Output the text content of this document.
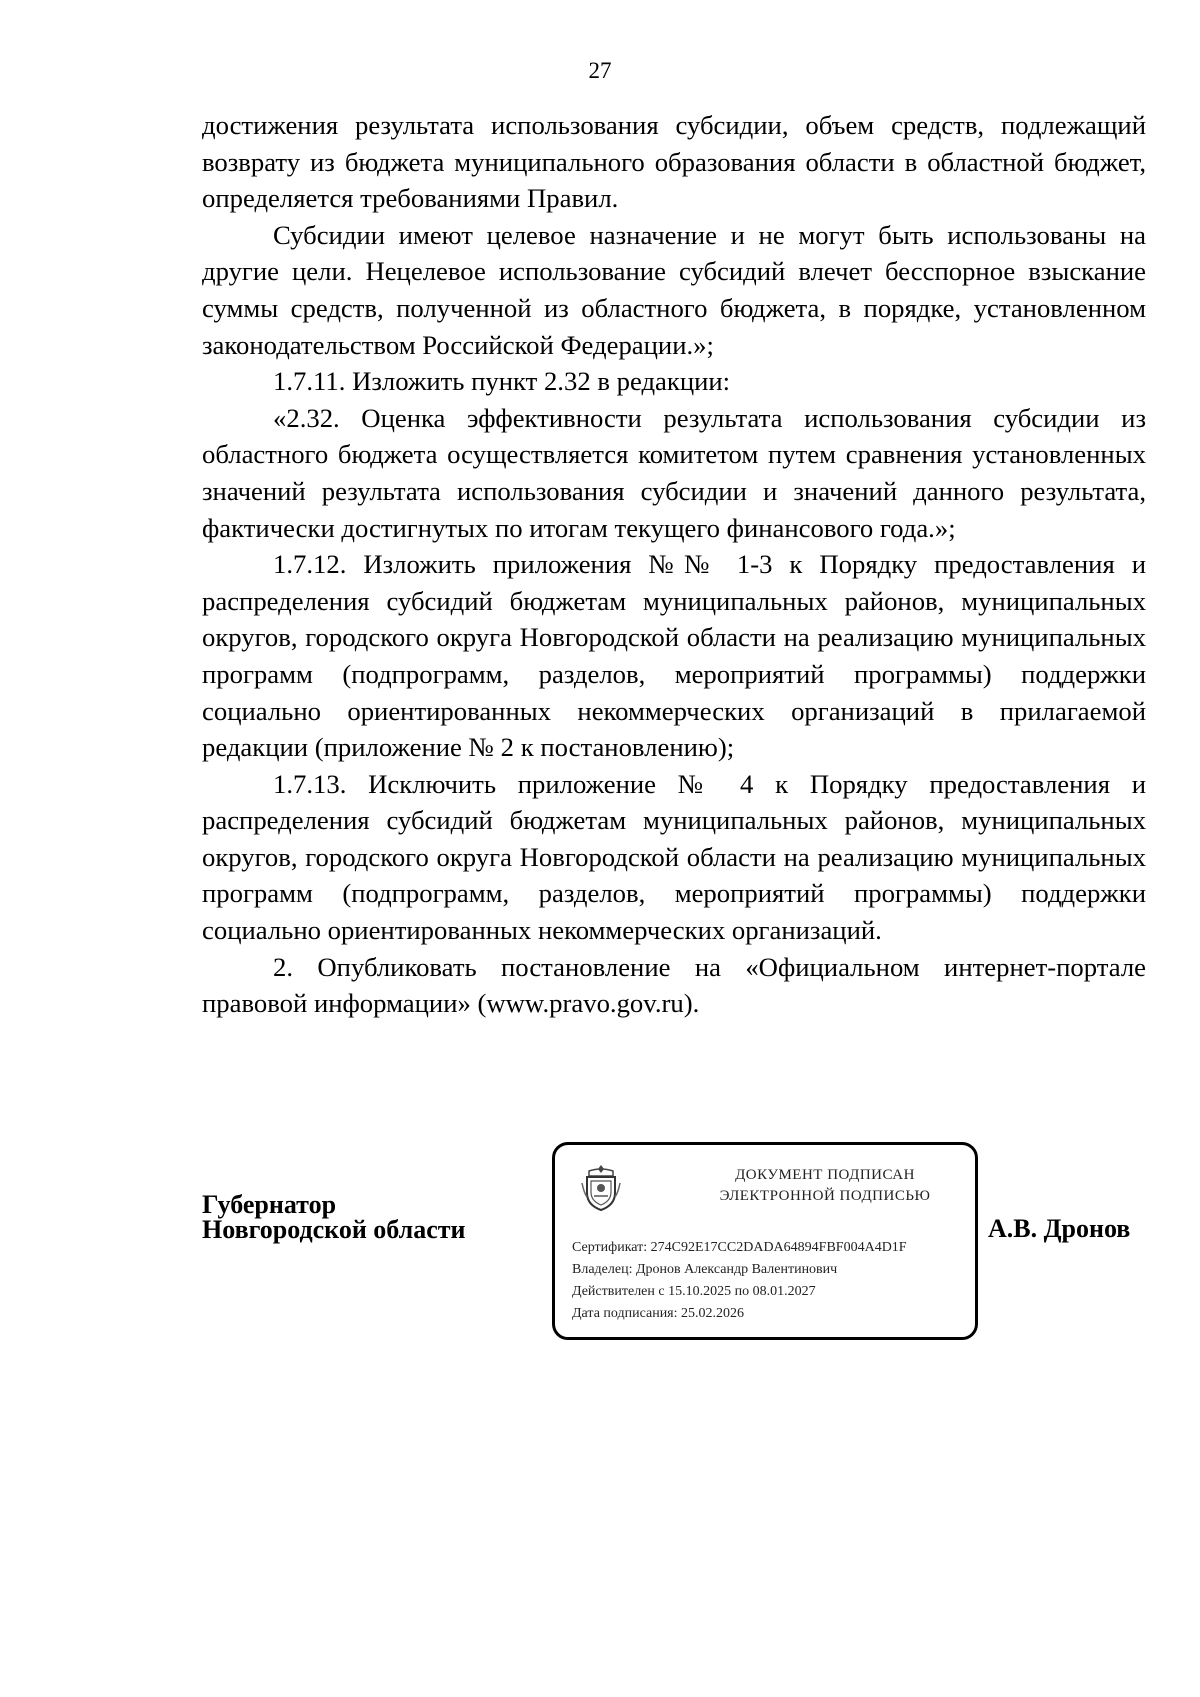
27

достижения результата использования субсидии, объем средств, подлежащий возврату из бюджета муниципального образования области в областной бюджет, определяется требованиями Правил.

Субсидии имеют целевое назначение и не могут быть использованы на другие цели. Нецелевое использование субсидий влечет бесспорное взыскание суммы средств, полученной из областного бюджета, в порядке, установленном законодательством Российской Федерации.»;

1.7.11. Изложить пункт 2.32 в редакции:

«2.32. Оценка эффективности результата использования субсидии из областного бюджета осуществляется комитетом путем сравнения установленных значений результата использования субсидии и значений данного результата, фактически достигнутых по итогам текущего финансового года.»;

1.7.12. Изложить приложения №№ 1-3 к Порядку предоставления и распределения субсидий бюджетам муниципальных районов, муниципальных округов, городского округа Новгородской области на реализацию муниципальных программ (подпрограмм, разделов, мероприятий программы) поддержки социально ориентированных некоммерческих организаций в прилагаемой редакции (приложение № 2 к постановлению);

1.7.13. Исключить приложение № 4 к Порядку предоставления и распределения субсидий бюджетам муниципальных районов, муниципальных округов, городского округа Новгородской области на реализацию муниципальных программ (подпрограмм, разделов, мероприятий программы) поддержки социально ориентированных некоммерческих организаций.

2. Опубликовать постановление на «Официальном интернет-портале правовой информации» (www.pravo.gov.ru).

Губернатор
Новгородской области
ДОКУМЕНТ ПОДПИСАН
ЭЛЕКТРОННОЙ ПОДПИСЬЮ
Сертификат: 274C92E17CC2DADA64894FBF004A4D1F
Владелец: Дронов Александр Валентинович
Действителен с 15.10.2025 по 08.01.2027
Дата подписания: 25.02.2026
А.В. Дронов
